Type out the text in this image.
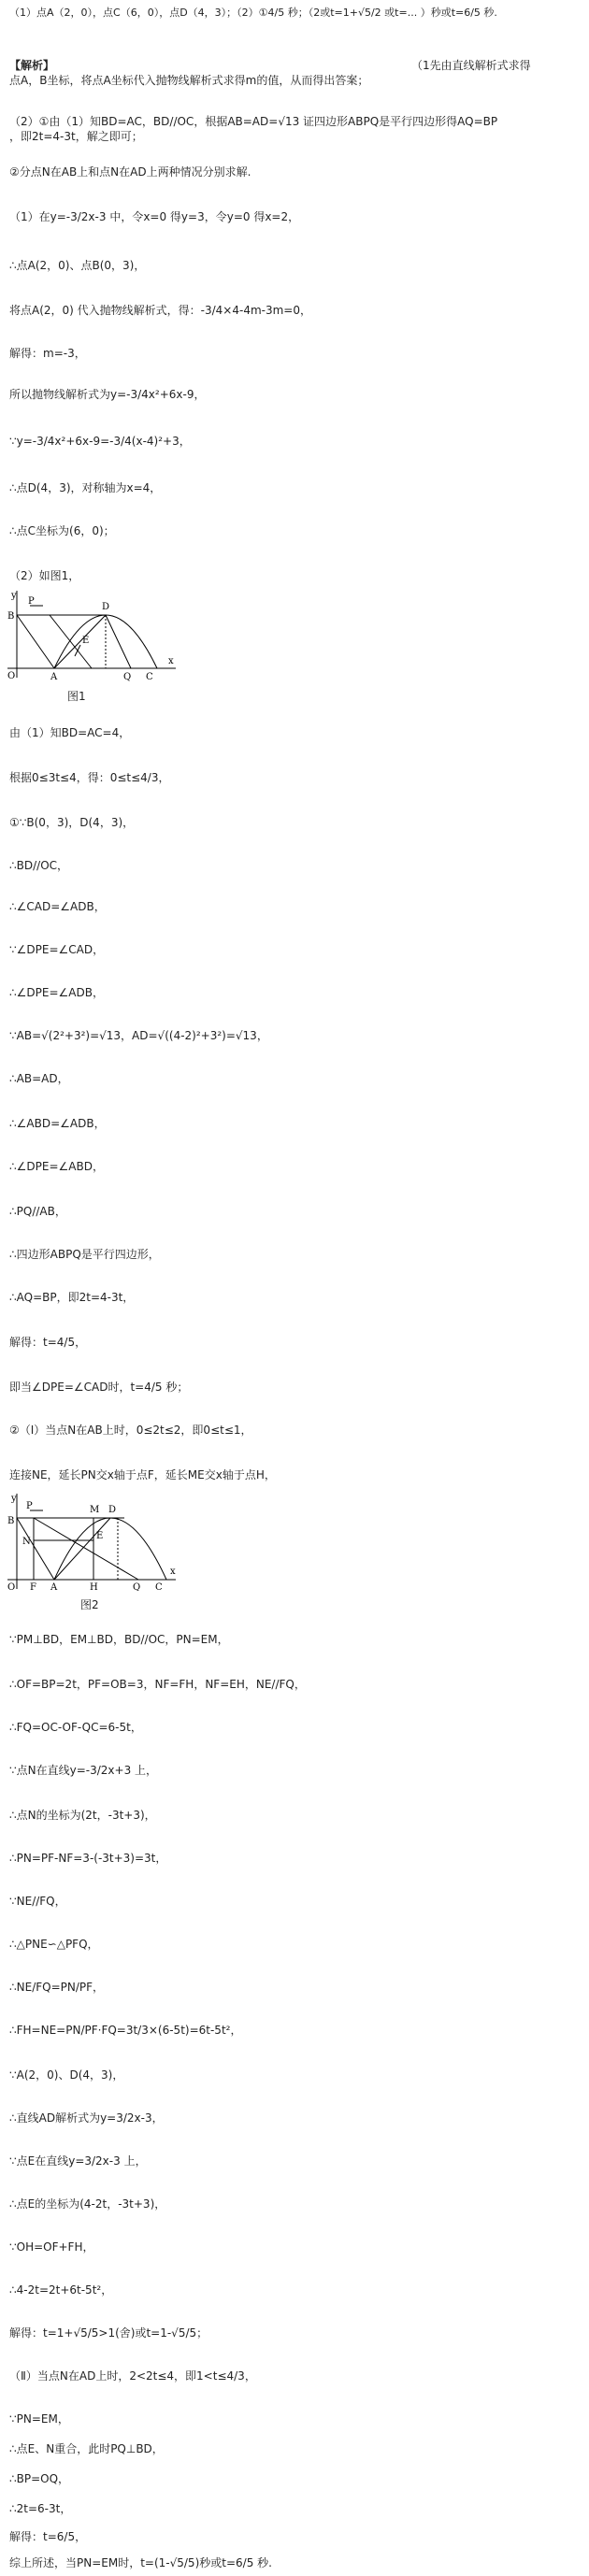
（1）点A（2，0），点C（6，0），点D（4，3）；（2）①4/5 秒；（2或t=1+√5/2 或t=... ）秒或t=6/5 秒.
【解析】	（1先由直线解析式求得
点A，B坐标，将点A坐标代入抛物线解析式求得m的值，从而得出答案；
（2）①由（1）知BD=AC，BD//OC，根据AB=AD=√13 证四边形ABPQ是平行四边形得AQ=BP
，即2t=4-3t，解之即可；
②分点N在AB上和点N在AD上两种情况分别求解.
（1）在y=-3/2x-3 中，令x=0 得y=3，令y=0 得x=2，
∴点A(2，0)、点B(0，3)，
将点A(2，0) 代入抛物线解析式，得：-3/4×4-4m-3m=0，
解得：m=-3，
所以抛物线解析式为y=-3/4x²+6x-9，
∵y=-3/4x²+6x-9=-3/4(x-4)²+3，
∴点D(4，3)，对称轴为x=4，
∴点C坐标为(6，0)；
（2）如图1，
y
P
D
B
E
O	A	Q C
x
图1
由（1）知BD=AC=4，
根据0≤3t≤4，得：0≤t≤4/3，
①∵B(0，3)，D(4，3)，
∴BD//OC，
∴∠CAD=∠ADB，
∵∠DPE=∠CAD，
∴∠DPE=∠ADB，
∵AB=√(2²+3²)=√13，AD=√((4-2)²+3²)=√13，
∴AB=AD，
∴∠ABD=∠ADB，
∴∠DPE=∠ABD，
∴PQ//AB，
∴四边形ABPQ是平行四边形，
∴AQ=BP，即2t=4-3t，
解得：t=4/5，
即当∠DPE=∠CAD时，t=4/5 秒；
②（Ⅰ）当点N在AB上时，0≤2t≤2，即0≤t≤1，
连接NE，延长PN交x轴于点F，延长ME交x轴于点H，
y
P	M D
B
N
E
O F A	H	Q C
x
图2
∵PM⊥BD，EM⊥BD，BD//OC，PN=EM，
∴OF=BP=2t，PF=OB=3，NF=FH，NF=EH，NE//FQ，
∴FQ=OC-OF-QC=6-5t，
∵点N在直线y=-3/2x+3 上，
∴点N的坐标为(2t，-3t+3)，
∴PN=PF-NF=3-(-3t+3)=3t，
∵NE//FQ，
∴△PNE∽△PFQ，
∴NE/FQ=PN/PF，
∴FH=NE=PN/PF·FQ=3t/3×(6-5t)=6t-5t²，
∵A(2，0)、D(4，3)，
∴直线AD解析式为y=3/2x-3，
∵点E在直线y=3/2x-3 上，
∴点E的坐标为(4-2t，-3t+3)，
∵OH=OF+FH，
∴4-2t=2t+6t-5t²，
解得：t=1+√5/5>1(舍)或t=1-√5/5；
（Ⅱ）当点N在AD上时，2<2t≤4，即1<t≤4/3，
∵PN=EM，
∴点E、N重合，此时PQ⊥BD，
∴BP=OQ，
∴2t=6-3t，
解得：t=6/5，
综上所述，当PN=EM时，t=(1-√5/5)秒或t=6/5 秒.
